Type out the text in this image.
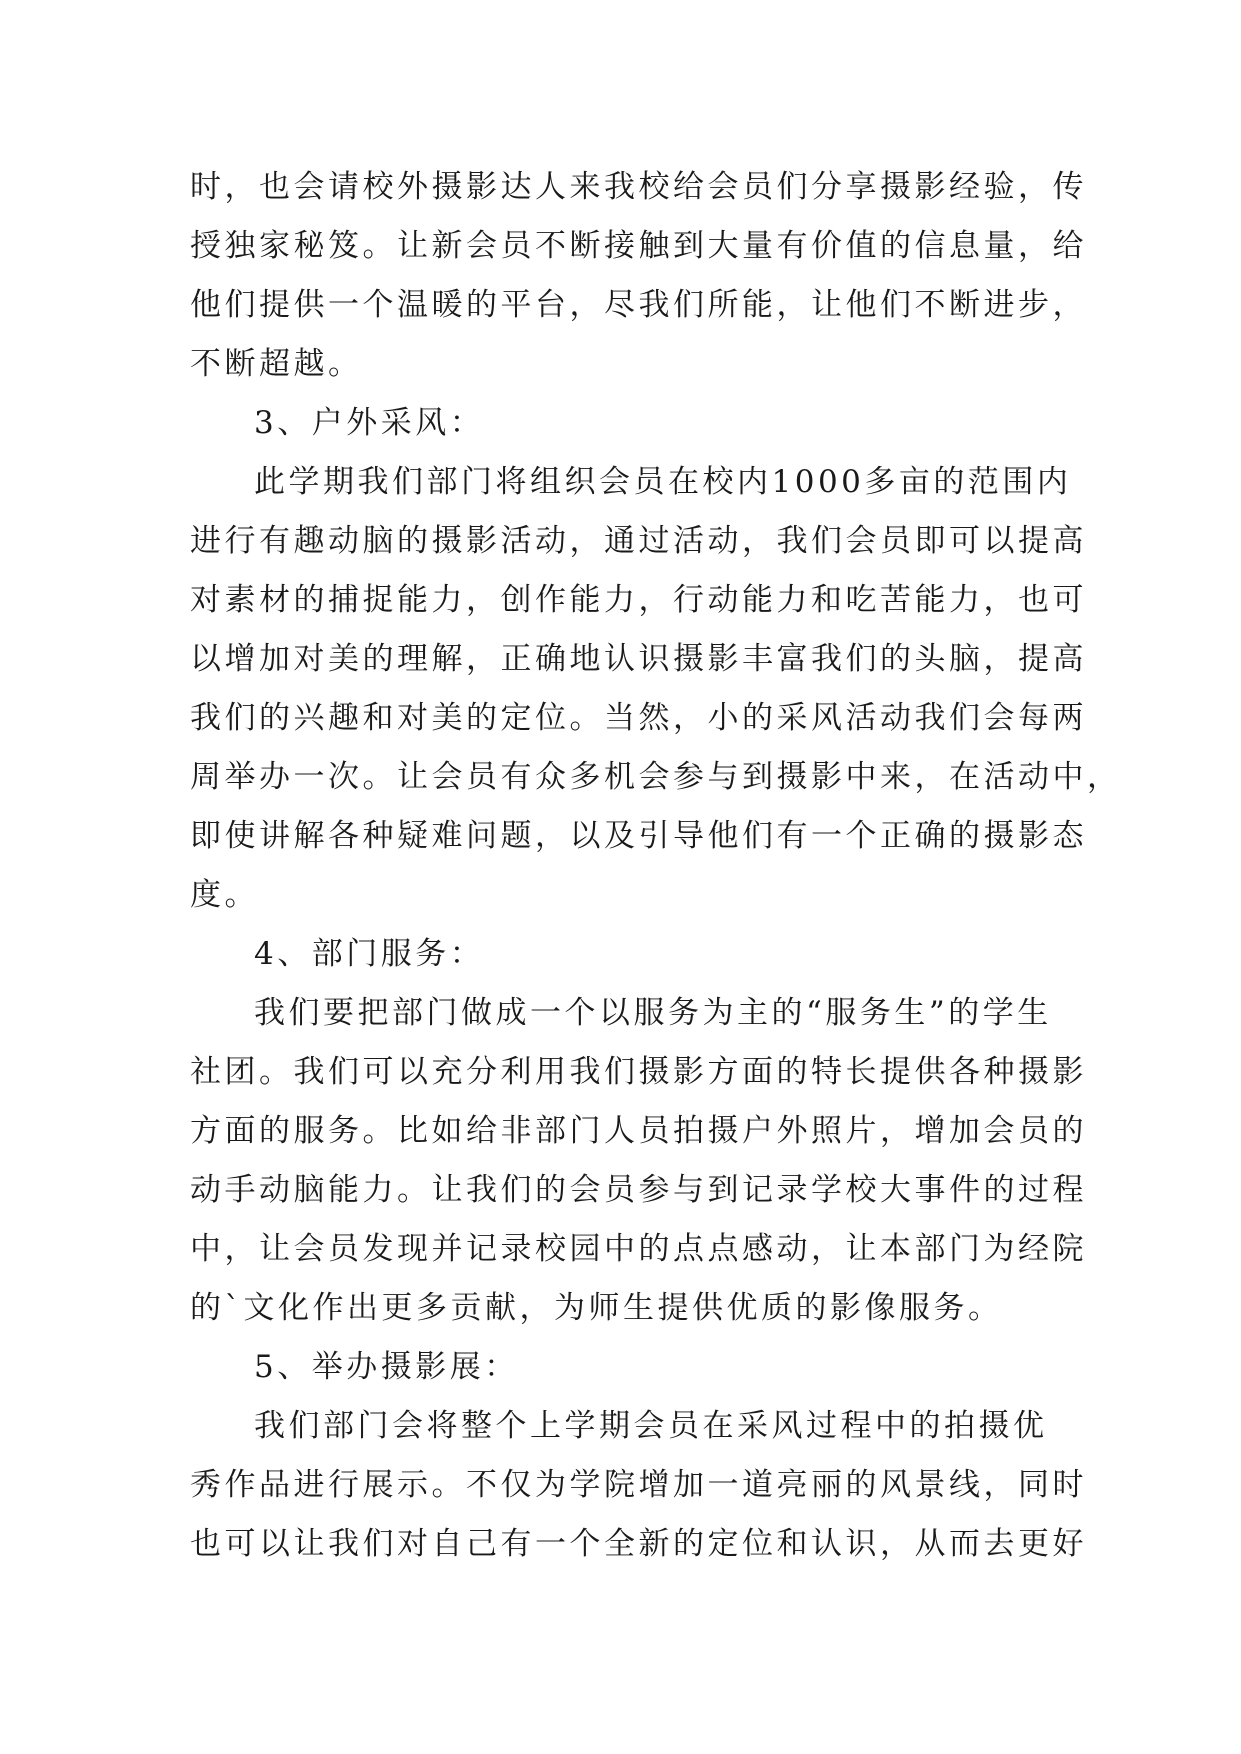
时，也会请校外摄影达人来我校给会员们分享摄影经验，传
授独家秘笈。让新会员不断接触到大量有价值的信息量，给
他们提供一个温暖的平台，尽我们所能，让他们不断进步，
不断超越。
3、户外采风：
此学期我们部门将组织会员在校内1000多亩的范围内
进行有趣动脑的摄影活动，通过活动，我们会员即可以提高
对素材的捕捉能力，创作能力，行动能力和吃苦能力，也可
以增加对美的理解，正确地认识摄影丰富我们的头脑，提高
我们的兴趣和对美的定位。当然，小的采风活动我们会每两
周举办一次。让会员有众多机会参与到摄影中来，在活动中，
即使讲解各种疑难问题，以及引导他们有一个正确的摄影态
度。
4、部门服务：
我们要把部门做成一个以服务为主的“服务生”的学生
社团。我们可以充分利用我们摄影方面的特长提供各种摄影
方面的服务。比如给非部门人员拍摄户外照片，增加会员的
动手动脑能力。让我们的会员参与到记录学校大事件的过程
中，让会员发现并记录校园中的点点感动，让本部门为经院
的`文化作出更多贡献，为师生提供优质的影像服务。
5、举办摄影展：
我们部门会将整个上学期会员在采风过程中的拍摄优
秀作品进行展示。不仅为学院增加一道亮丽的风景线，同时
也可以让我们对自己有一个全新的定位和认识，从而去更好
